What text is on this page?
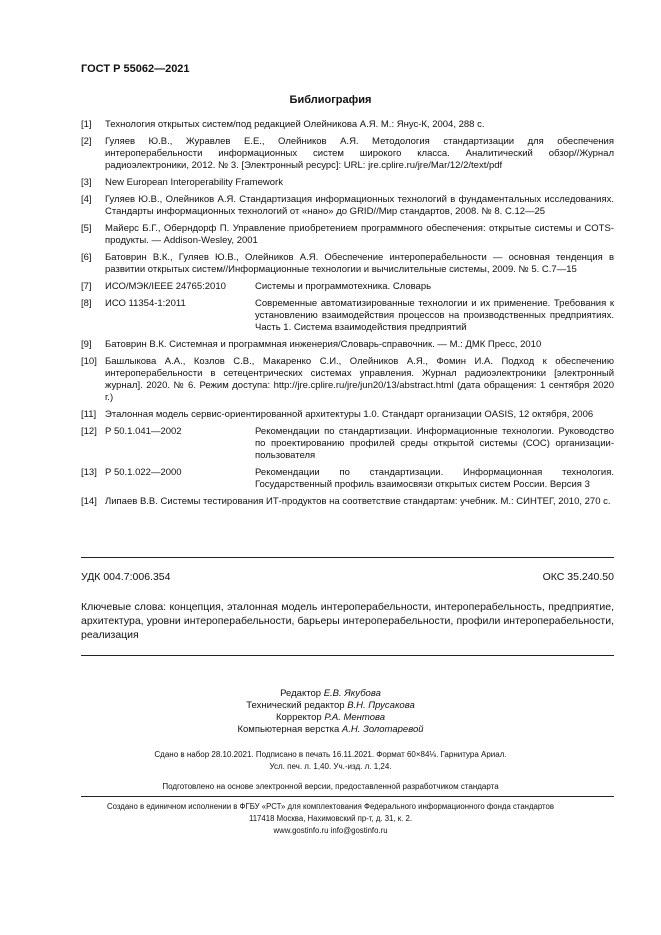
ГОСТ Р 55062—2021
Библиография
[1] Технология открытых систем/под редакцией Олейникова А.Я. М.: Янус-К, 2004, 288 с.
[2] Гуляев Ю.В., Журавлев Е.Е., Олейников А.Я. Методология стандартизации для обеспечения интероперабельности информационных систем широкого класса. Аналитический обзор//Журнал радиоэлектроники, 2012. № 3. [Электронный ресурс]: URL: jre.cplire.ru/jre/Mar/12/2/text/pdf
[3] New European Interoperability Framework
[4] Гуляев Ю.В., Олейников А.Я. Стандартизация информационных технологий в фундаментальных исследованиях. Стандарты информационных технологий от «нано» до GRID//Мир стандартов, 2008. № 8. С.12—25
[5] Майерс Б.Г., Оберндорф П. Управление приобретением программного обеспечения: открытые системы и COTS-продукты. — Addison-Wesley, 2001
[6] Батоврин В.К., Гуляев Ю.В., Олейников А.Я. Обеспечение интероперабельности — основная тенденция в развитии открытых систем//Информационные технологии и вычислительные системы, 2009. № 5. С.7—15
[7] ИСО/МЭК/IEEE 24765:2010	Системы и программотехника. Словарь
[8] ИСО 11354-1:2011	Современные автоматизированные технологии и их применение. Требования к установлению взаимодействия процессов на производственных предприятиях. Часть 1. Система взаимодействия предприятий
[9] Батоврин В.К. Системная и программная инженерия/Словарь-справочник. — М.: ДМК Пресс, 2010
[10] Башлыкова А.А., Козлов С.В., Макаренко С.И., Олейников А.Я., Фомин И.А. Подход к обеспечению интероперабельности в сетецентрических системах управления. Журнал радиоэлектроники [электронный журнал]. 2020. № 6. Режим доступа: http://jre.cplire.ru/jre/jun20/13/abstract.html (дата обращения: 1 сентября 2020 г.)
[11] Эталонная модель сервис-ориентированной архитектуры 1.0. Стандарт организации OASIS, 12 октября, 2006
[12] Р 50.1.041—2002	Рекомендации по стандартизации. Информационные технологии. Руководство по проектированию профилей среды открытой системы (СОС) организации-пользователя
[13] Р 50.1.022—2000	Рекомендации по стандартизации. Информационная технология. Государственный профиль взаимосвязи открытых систем России. Версия 3
[14] Липаев В.В. Системы тестирования ИТ-продуктов на соответствие стандартам: учебник. М.: СИНТЕГ, 2010, 270 с.
УДК 004.7:006.354	ОКС 35.240.50
Ключевые слова: концепция, эталонная модель интероперабельности, интероперабельность, предприятие, архитектура, уровни интероперабельности, барьеры интероперабельности, профили интероперабельности, реализация
Редактор Е.В. Якубова
Технический редактор В.Н. Прусакова
Корректор Р.А. Ментова
Компьютерная верстка А.Н. Золотаревой
Сдано в набор 28.10.2021. Подписано в печать 16.11.2021. Формат 60×84⅛. Гарнитура Ариал.
Усл. печ. л. 1,40. Уч.-изд. л. 1,24.
Подготовлено на основе электронной версии, предоставленной разработчиком стандарта
Создано в единичном исполнении в ФГБУ «РСТ» для комплектования Федерального информационного фонда стандартов
117418 Москва, Нахимовский пр-т, д. 31, к. 2.
www.gostinfo.ru info@gostinfo.ru
